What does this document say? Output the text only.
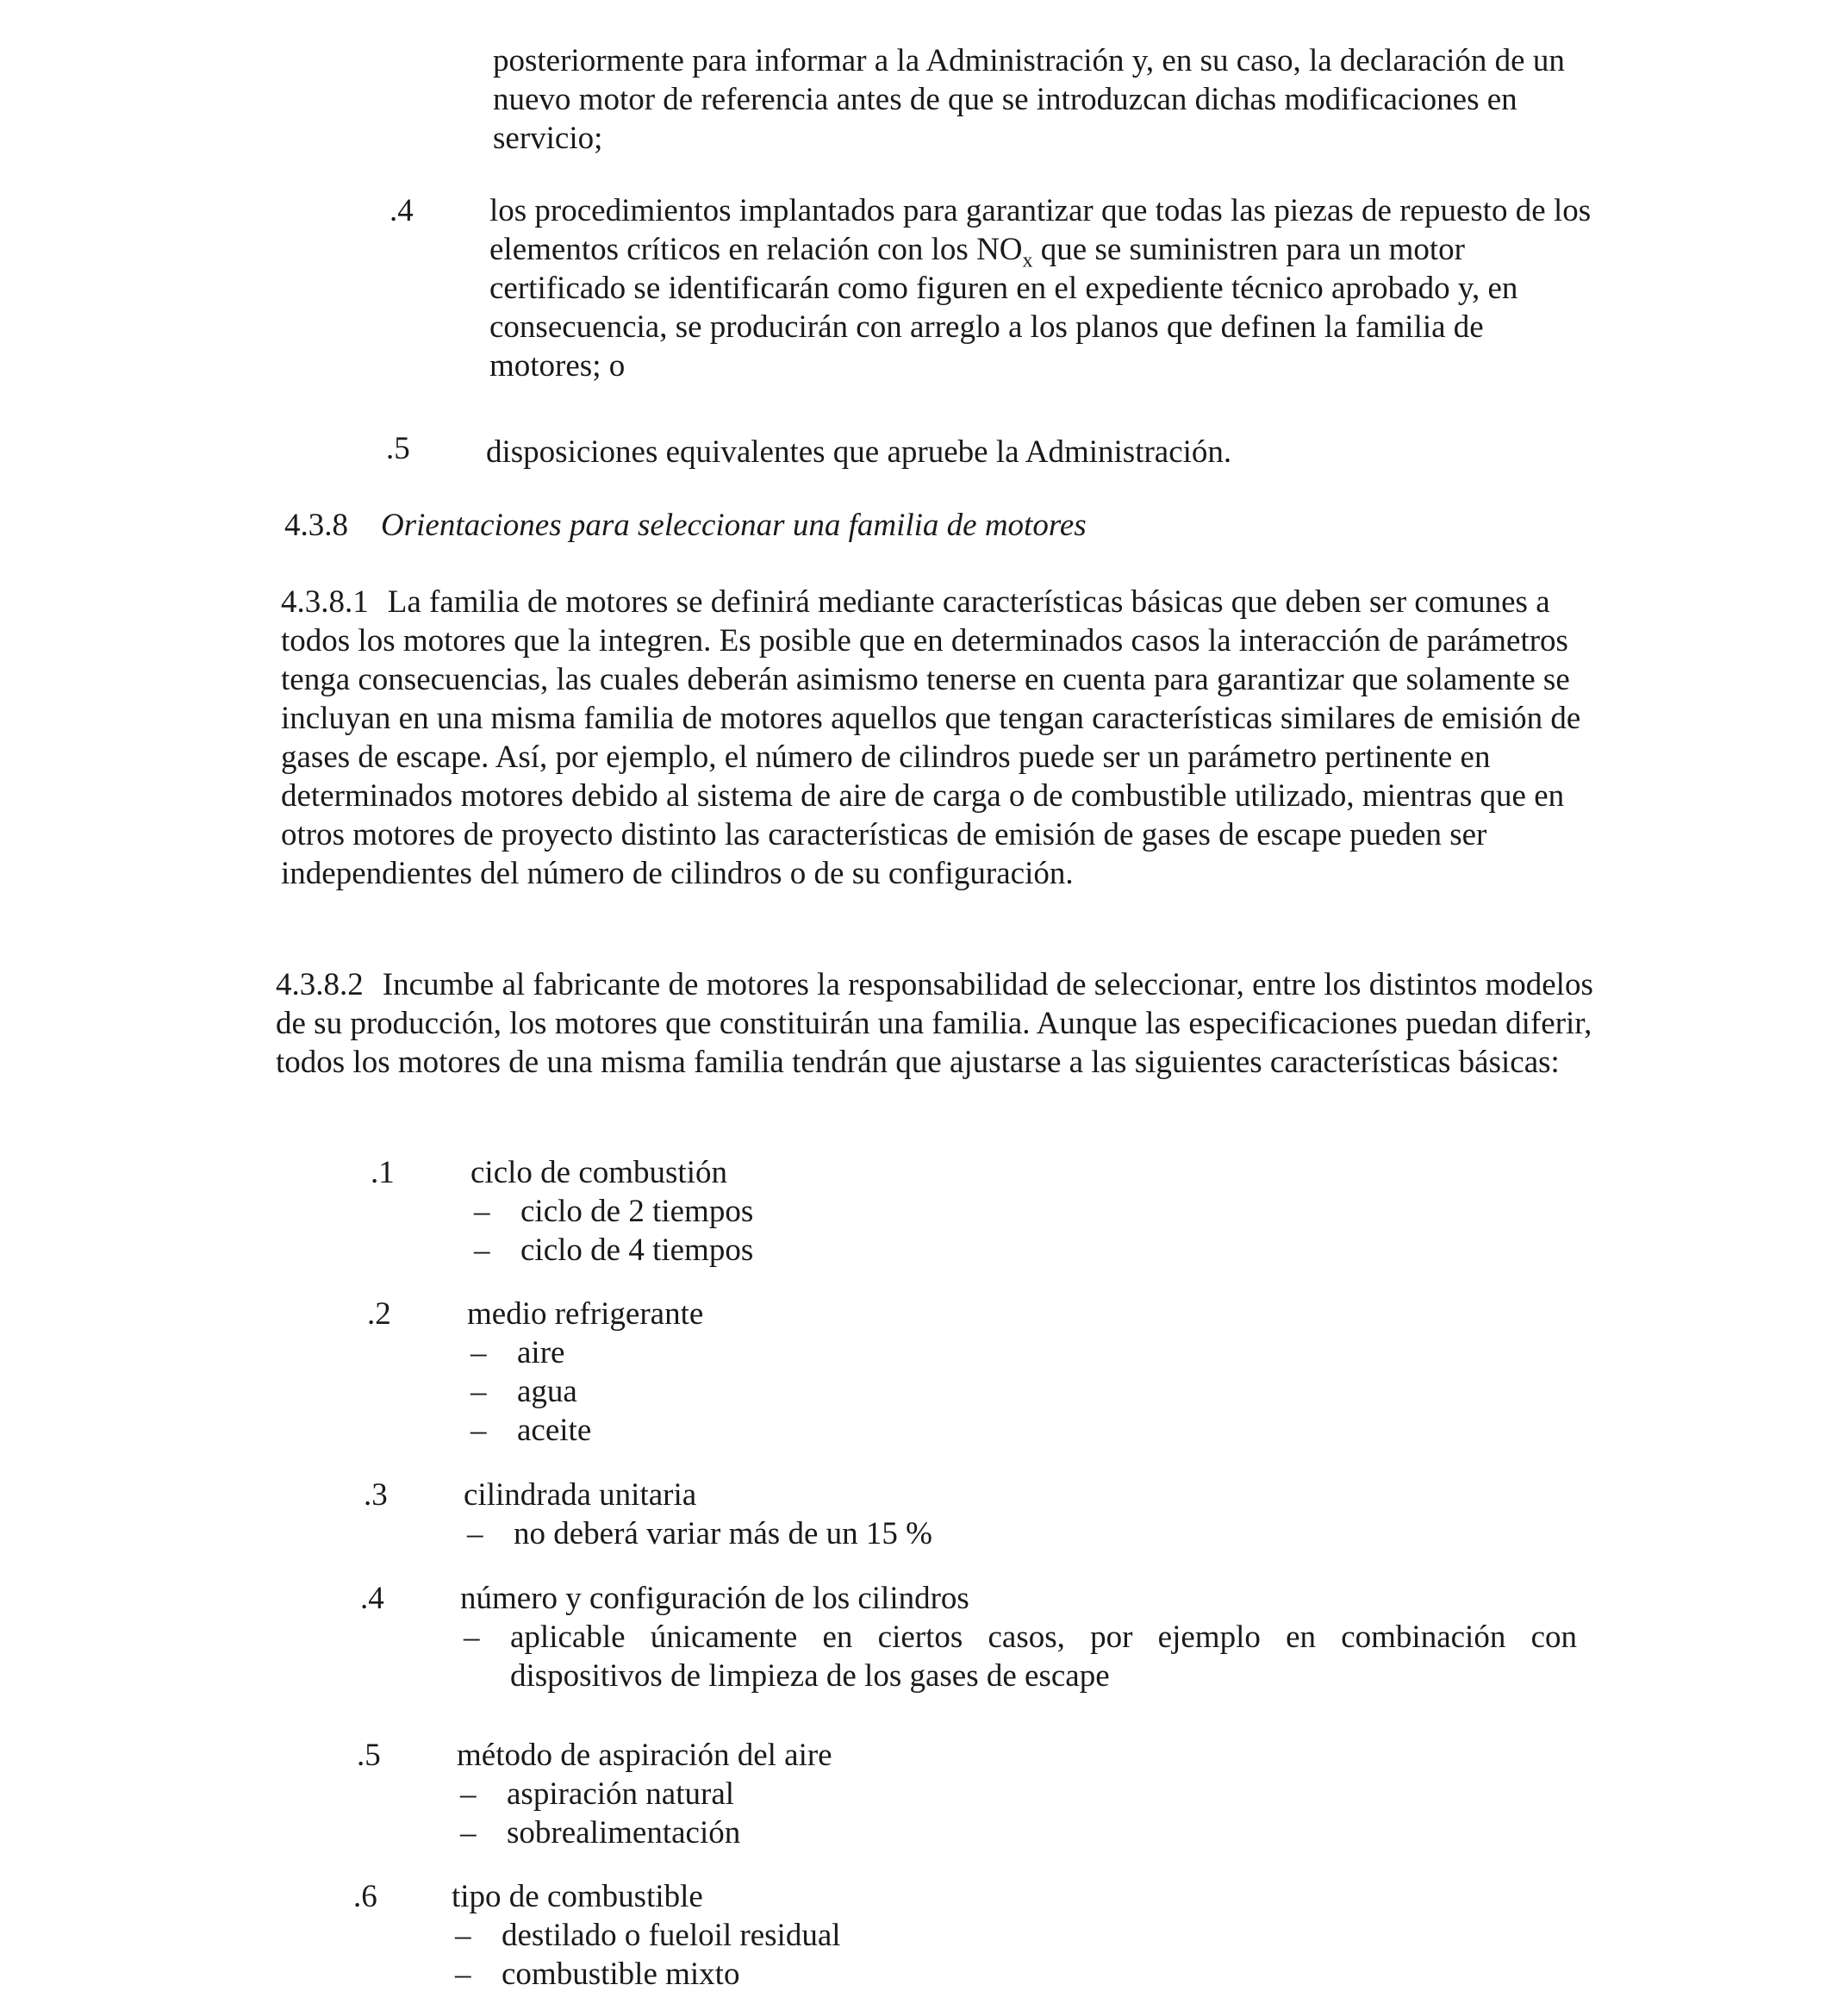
posteriormente para informar a la Administración y, en su caso, la declaración de un nuevo motor de referencia antes de que se introduzcan dichas modificaciones en servicio;
.4 los procedimientos implantados para garantizar que todas las piezas de repuesto de los elementos críticos en relación con los $NO_x$ que se suministren para un motor certificado se identificarán como figuren en el expediente técnico aprobado y, en consecuencia, se producirán con arreglo a los planos que definen la familia de motores; o
.5 disposiciones equivalentes que apruebe la Administración.
4.3.8 Orientaciones para seleccionar una familia de motores
4.3.8.1 La familia de motores se definirá mediante características básicas que deben ser comunes a todos los motores que la integren. Es posible que en determinados casos la interacción de parámetros tenga consecuencias, las cuales deberán asimismo tenerse en cuenta para garantizar que solamente se incluyan en una misma familia de motores aquellos que tengan características similares de emisión de gases de escape. Así, por ejemplo, el número de cilindros puede ser un parámetro pertinente en determinados motores debido al sistema de aire de carga o de combustible utilizado, mientras que en otros motores de proyecto distinto las características de emisión de gases de escape pueden ser independientes del número de cilindros o de su configuración.
4.3.8.2 Incumbe al fabricante de motores la responsabilidad de seleccionar, entre los distintos modelos de su producción, los motores que constituirán una familia. Aunque las especificaciones puedan diferir, todos los motores de una misma familia tendrán que ajustarse a las siguientes características básicas:
.1 ciclo de combustión
– ciclo de 2 tiempos
– ciclo de 4 tiempos
.2 medio refrigerante
– aire
– agua
– aceite
.3 cilindrada unitaria
– no deberá variar más de un 15 %
.4 número y configuración de los cilindros
– aplicable únicamente en ciertos casos, por ejemplo en combinación con dispositivos de limpieza de los gases de escape
.5 método de aspiración del aire
– aspiración natural
– sobrealimentación
.6 tipo de combustible
– destilado o fueloil residual
– combustible mixto
